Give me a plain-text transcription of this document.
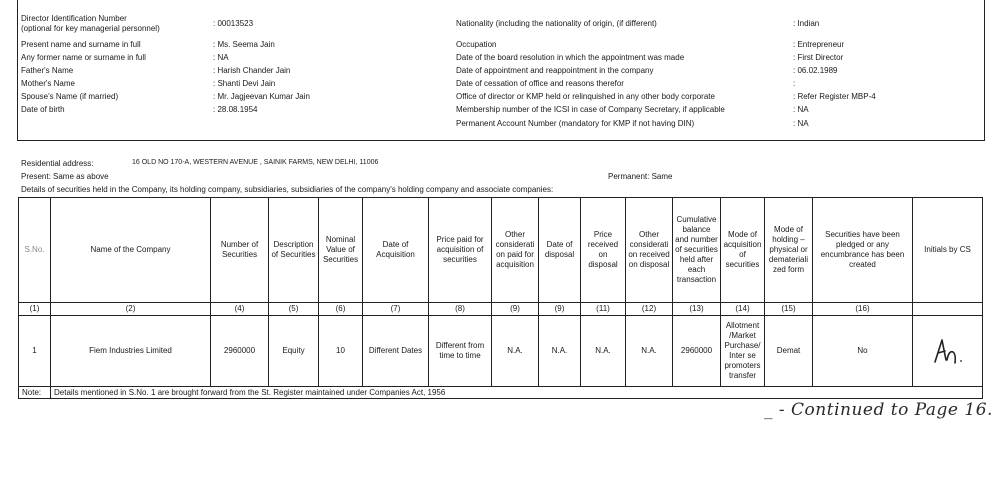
Director Identification Number
(optional for key managerial personnel)
: 00013523
Present name and surname in full	: Ms. Seema Jain
Any former name or surname in full	: NA
Father's Name	: Harish Chander Jain
Mother's Name	: Shanti Devi Jain
Spouse's Name (if married)	: Mr. Jagjeevan Kumar Jain
Date of birth	: 28.08.1954
Nationality (including the nationality of origin, (if different)	: Indian
Occupation	: Entrepreneur
Date of the board resolution in which the appointment was made	: First Director
Date of appointment and reappointment in the company	: 06.02.1989
Date of cessation of office and reasons therefor	:
Office of director or KMP held or relinquished in any other body corporate	: Refer Register MBP-4
Membership number of the ICSI in case of Company Secretary, if applicable	: NA
Permanent Account Number (mandatory for KMP if not having DIN)	: NA
Residential address:	16 OLD NO 170-A, WESTERN AVENUE , SAINIK FARMS, NEW DELHI, 11006
Present: Same as above	Permanent: Same
Details of securities held in the Company, its holding company, subsidiaries, subsidiaries of the company's holding company and associate companies:
S.No.	Name of the Company	Number of Securities	Description of Securities	Nominal Value of Securities	Date of Acquisition	Price paid for acquisition of securities	Other considerati on paid for acquisition	Date of disposal	Price received on disposal	Other considerati on received on disposal	Cumulative balance and number of securities held after each transaction	Mode of acquisition of securities	Mode of holding – physical or demateriali zed form	Securities have been pledged or any encumbrance has been created	Initials by CS
(1)	(2)	(4)	(5)	(6)	(7)	(8)	(9)	(9)	(11)	(12)	(13)	(14)	(15)	(16)	
1	Fiem Industries Limited	2960000	Equity	10	Different Dates	Different from time to time	N.A.	N.A.	N.A.	N.A.	2960000	Allotment /Market Purchase/ Inter se promoters transfer	Demat	No	

Note:	Details mentioned in S.No. 1 are brought forward from the St. Register maintained under Companies Act, 1956														
_ - Continued to Page 16.
